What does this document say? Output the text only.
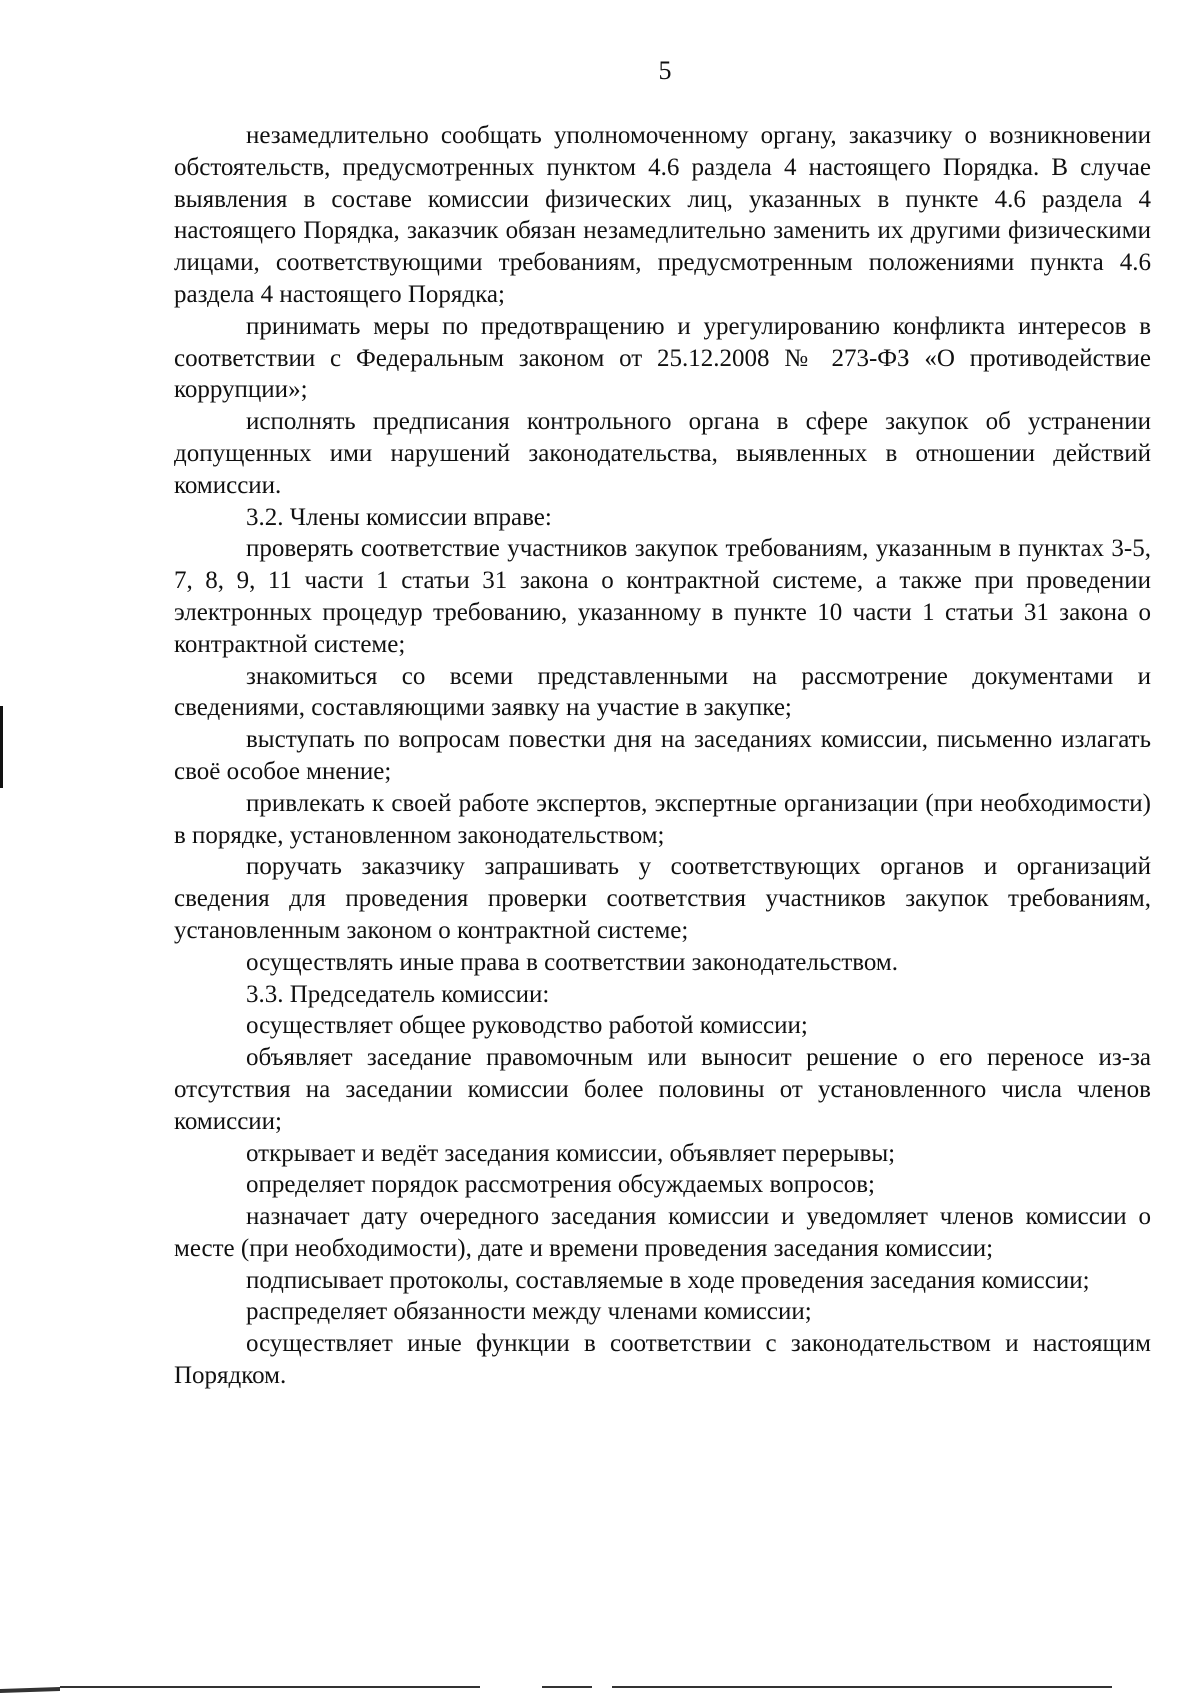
5

незамедлительно сообщать уполномоченному органу, заказчику о возникновении обстоятельств, предусмотренных пунктом 4.6 раздела 4 настоящего Порядка. В случае выявления в составе комиссии физических лиц, указанных в пункте 4.6 раздела 4 настоящего Порядка, заказчик обязан незамедлительно заменить их другими физическими лицами, соответствующими требованиям, предусмотренным положениями пункта 4.6 раздела 4 настоящего Порядка;

принимать меры по предотвращению и урегулированию конфликта интересов в соответствии с Федеральным законом от 25.12.2008 № 273-ФЗ «О противодействие коррупции»;

исполнять предписания контрольного органа в сфере закупок об устранении допущенных ими нарушений законодательства, выявленных в отношении действий комиссии.

3.2. Члены комиссии вправе:

проверять соответствие участников закупок требованиям, указанным в пунктах 3-5, 7, 8, 9, 11 части 1 статьи 31 закона о контрактной системе, а также при проведении электронных процедур требованию, указанному в пункте 10 части 1 статьи 31 закона о контрактной системе;

знакомиться со всеми представленными на рассмотрение документами и сведениями, составляющими заявку на участие в закупке;

выступать по вопросам повестки дня на заседаниях комиссии, письменно излагать своё особое мнение;

привлекать к своей работе экспертов, экспертные организации (при необходимости) в порядке, установленном законодательством;

поручать заказчику запрашивать у соответствующих органов и организаций сведения для проведения проверки соответствия участников закупок требованиям, установленным законом о контрактной системе;

осуществлять иные права в соответствии законодательством.

3.3. Председатель комиссии:

осуществляет общее руководство работой комиссии;

объявляет заседание правомочным или выносит решение о его переносе из-за отсутствия на заседании комиссии более половины от установленного числа членов комиссии;

открывает и ведёт заседания комиссии, объявляет перерывы;

определяет порядок рассмотрения обсуждаемых вопросов;

назначает дату очередного заседания комиссии и уведомляет членов комиссии о месте (при необходимости), дате и времени проведения заседания комиссии;

подписывает протоколы, составляемые в ходе проведения заседания комиссии;

распределяет обязанности между членами комиссии;

осуществляет иные функции в соответствии с законодательством и настоящим Порядком.
